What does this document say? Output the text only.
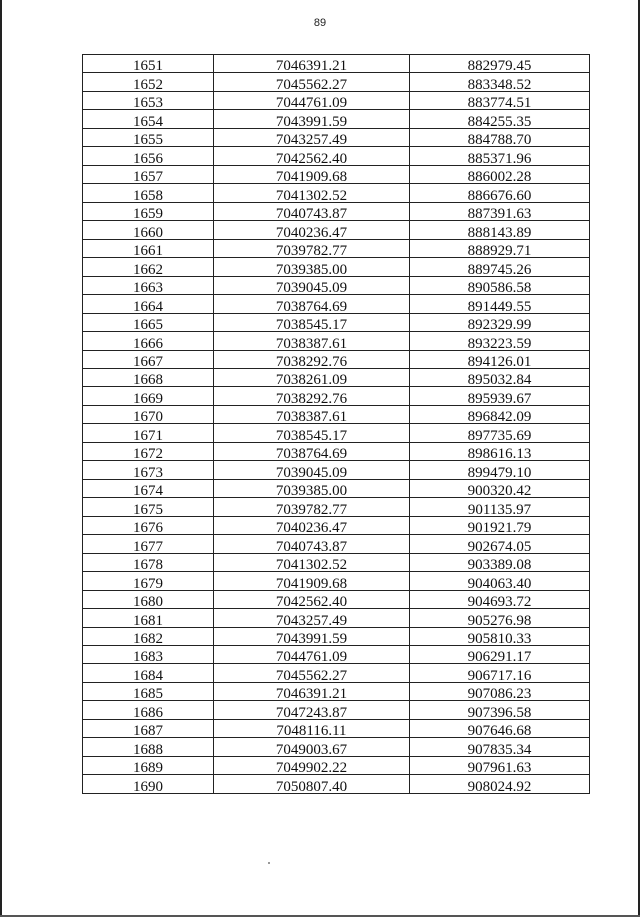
89
1651	7046391.21	882979.45
1652	7045562.27	883348.52
1653	7044761.09	883774.51
1654	7043991.59	884255.35
1655	7043257.49	884788.70
1656	7042562.40	885371.96
1657	7041909.68	886002.28
1658	7041302.52	886676.60
1659	7040743.87	887391.63
1660	7040236.47	888143.89
1661	7039782.77	888929.71
1662	7039385.00	889745.26
1663	7039045.09	890586.58
1664	7038764.69	891449.55
1665	7038545.17	892329.99
1666	7038387.61	893223.59
1667	7038292.76	894126.01
1668	7038261.09	895032.84
1669	7038292.76	895939.67
1670	7038387.61	896842.09
1671	7038545.17	897735.69
1672	7038764.69	898616.13
1673	7039045.09	899479.10
1674	7039385.00	900320.42
1675	7039782.77	901135.97
1676	7040236.47	901921.79
1677	7040743.87	902674.05
1678	7041302.52	903389.08
1679	7041909.68	904063.40
1680	7042562.40	904693.72
1681	7043257.49	905276.98
1682	7043991.59	905810.33
1683	7044761.09	906291.17
1684	7045562.27	906717.16
1685	7046391.21	907086.23
1686	7047243.87	907396.58
1687	7048116.11	907646.68
1688	7049003.67	907835.34
1689	7049902.22	907961.63
1690	7050807.40	908024.92
